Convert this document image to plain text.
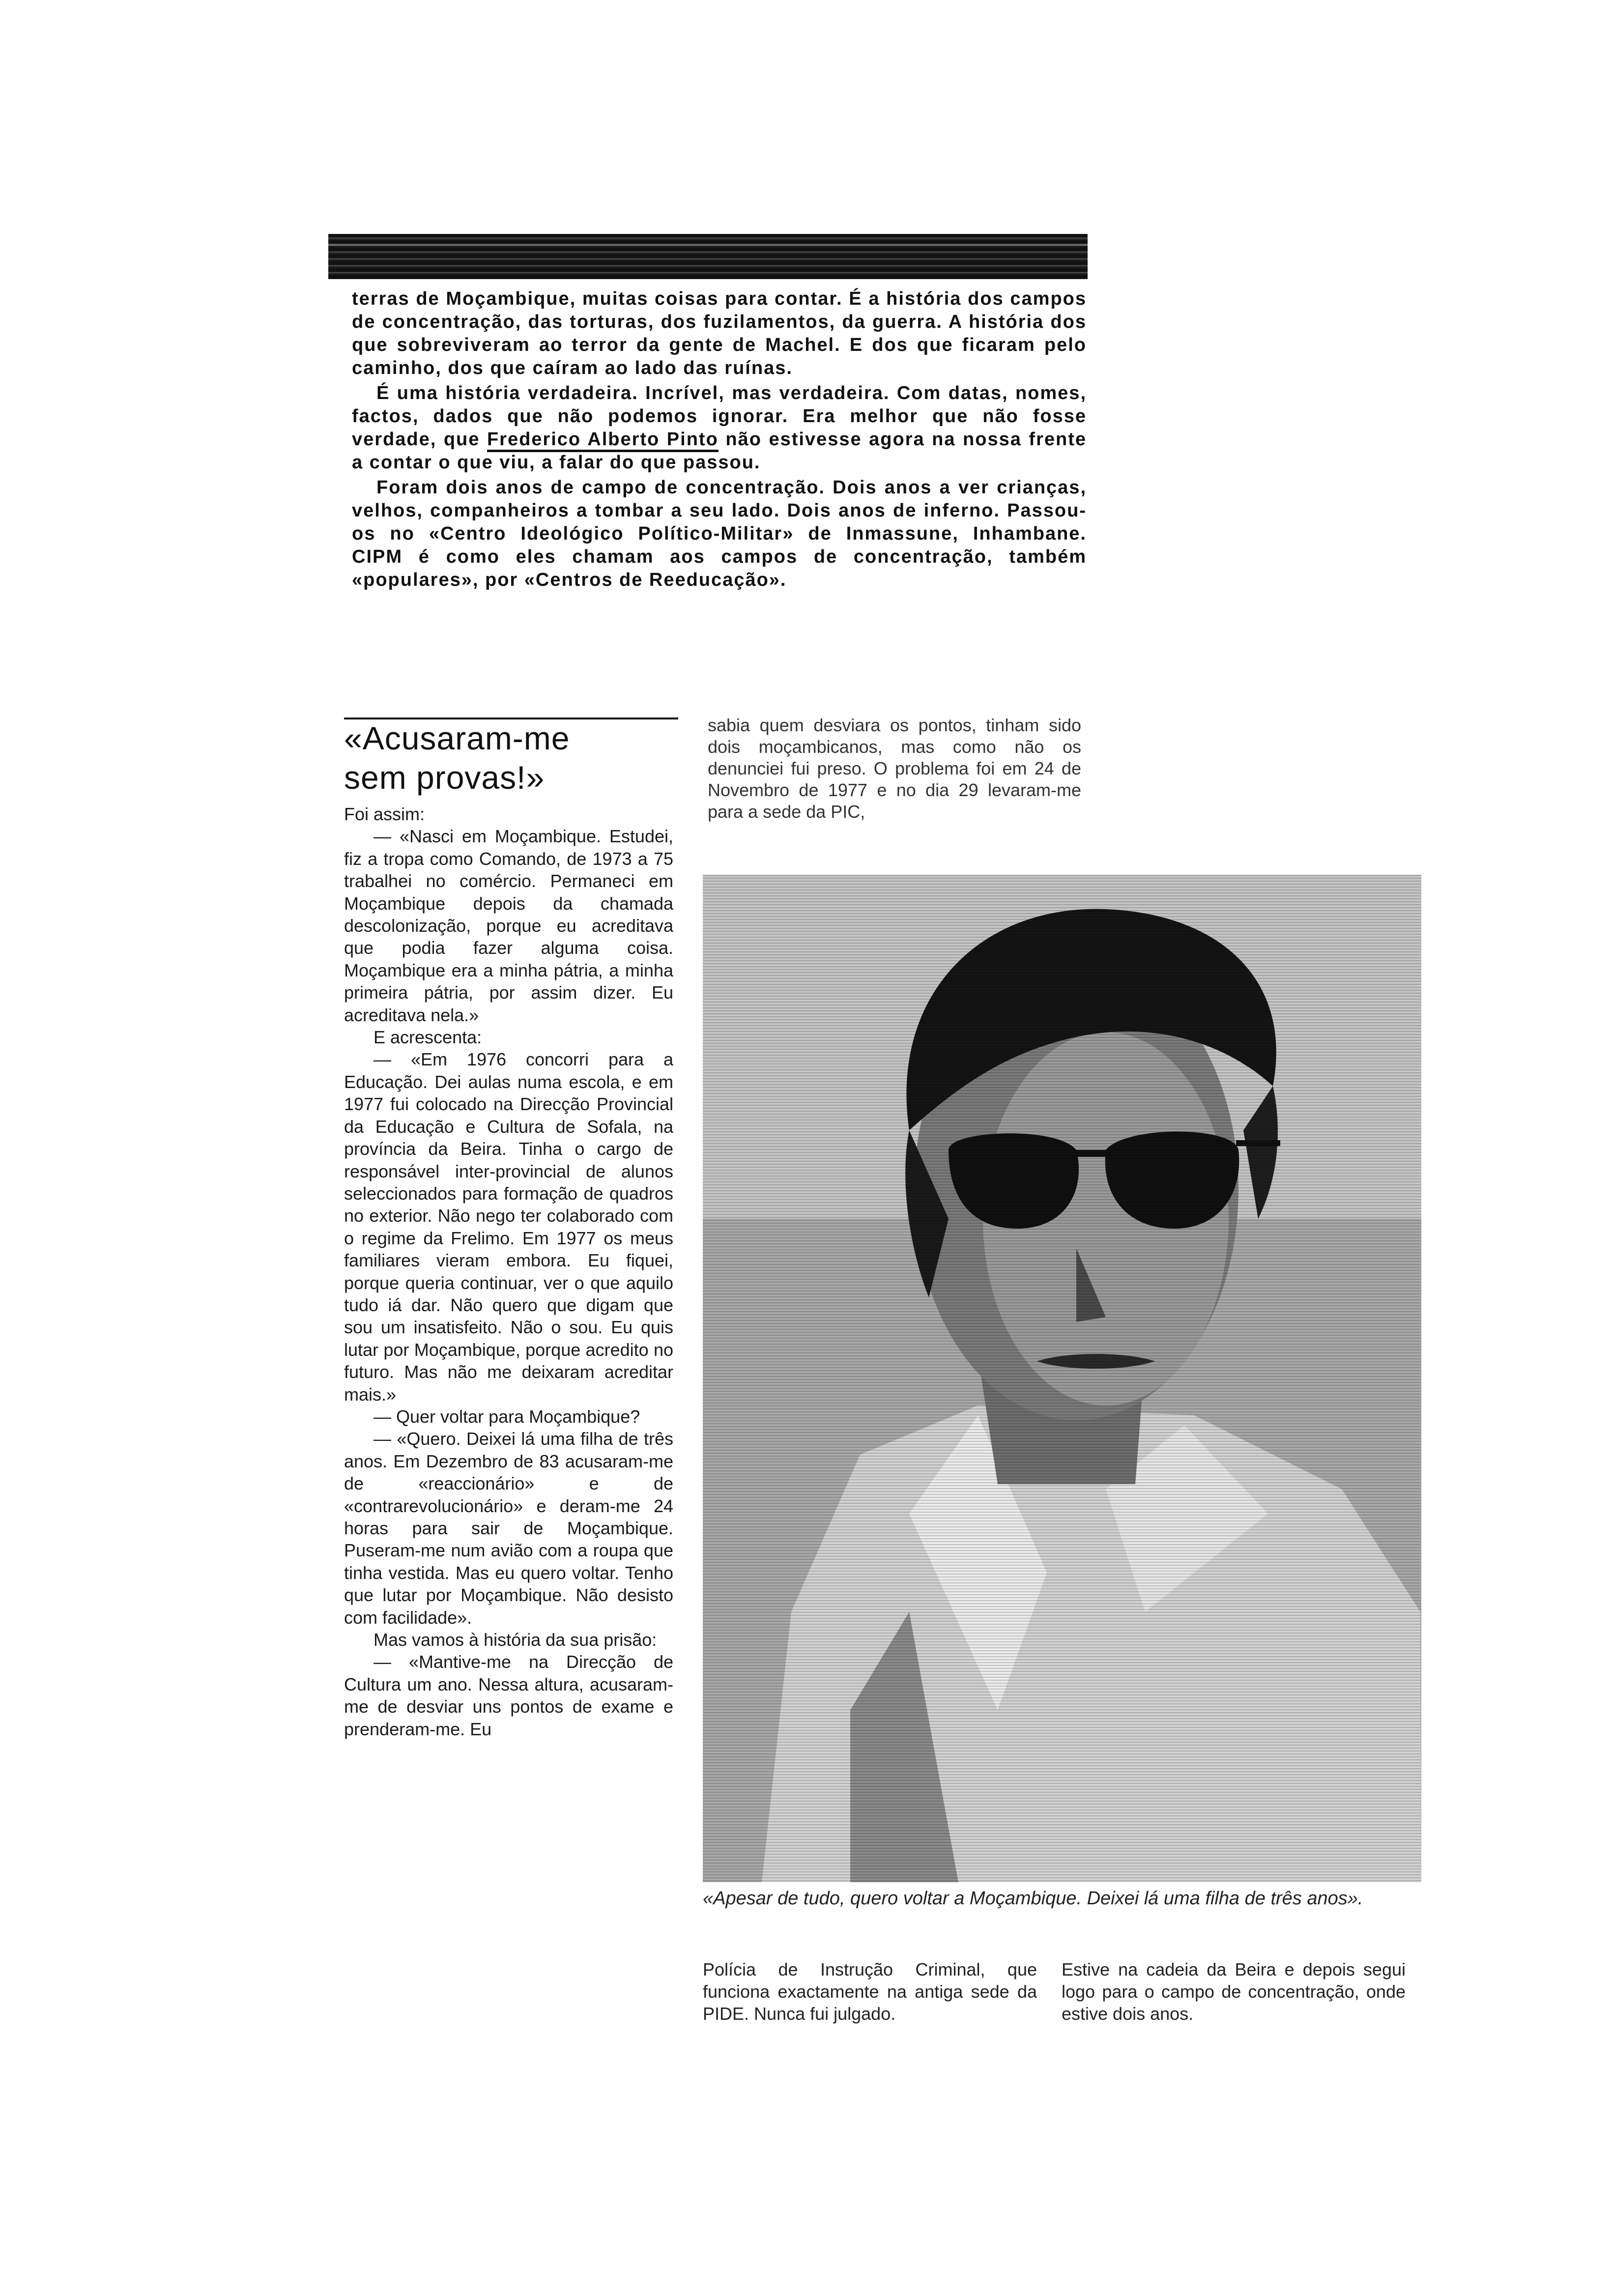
terras de Moçambique, muitas coisas para contar. É a história dos campos de concentração, das torturas, dos fuzilamentos, da guerra. A história dos que sobreviveram ao terror da gente de Machel. E dos que ficaram pelo caminho, dos que caíram ao lado das ruínas.

É uma história verdadeira. Incrível, mas verdadeira. Com datas, nomes, factos, dados que não podemos ignorar. Era melhor que não fosse verdade, que Frederico Alberto Pinto não estivesse agora na nossa frente a contar o que viu, a falar do que passou.

Foram dois anos de campo de concentração. Dois anos a ver crianças, velhos, companheiros a tombar a seu lado. Dois anos de inferno. Passou-os no «Centro Ideológico Político-Militar» de Inmassune, Inhambane. CIPM é como eles chamam aos campos de concentração, também «populares», por «Centros de Reeducação».

«Acusaram-me
sem provas!»

Foi assim:

— «Nasci em Moçambique. Estudei, fiz a tropa como Comando, de 1973 a 75 trabalhei no comércio. Permaneci em Moçambique depois da chamada descolonização, porque eu acreditava que podia fazer alguma coisa. Moçambique era a minha pátria, a minha primeira pátria, por assim dizer. Eu acreditava nela.»

E acrescenta:

— «Em 1976 concorri para a Educação. Dei aulas numa escola, e em 1977 fui colocado na Direcção Provincial da Educação e Cultura de Sofala, na província da Beira. Tinha o cargo de responsável inter-provincial de alunos seleccionados para formação de quadros no exterior. Não nego ter colaborado com o regime da Frelimo. Em 1977 os meus familiares vieram embora. Eu fiquei, porque queria continuar, ver o que aquilo tudo iá dar. Não quero que digam que sou um insatisfeito. Não o sou. Eu quis lutar por Moçambique, porque acredito no futuro. Mas não me deixaram acreditar mais.»

— Quer voltar para Moçambique?

— «Quero. Deixei lá uma filha de três anos. Em Dezembro de 83 acusaram-me de «reaccionário» e de «contrarevolucionário» e deram-me 24 horas para sair de Moçambique. Puseram-me num avião com a roupa que tinha vestida. Mas eu quero voltar. Tenho que lutar por Moçambique. Não desisto com facilidade».

Mas vamos à história da sua prisão:

— «Mantive-me na Direcção de Cultura um ano. Nessa altura, acusaram-me de desviar uns pontos de exame e prenderam-me. Eu

sabia quem desviara os pontos, tinham sido dois moçambicanos, mas como não os denunciei fui preso. O problema foi em 24 de Novembro de 1977 e no dia 29 levaram-me para a sede da PIC,
«Apesar de tudo, quero voltar a Moçambique. Deixei lá uma filha de três anos».
Polícia de Instrução Criminal, que funciona exactamente na antiga sede da PIDE. Nunca fui julgado.
Estive na cadeia da Beira e depois segui logo para o campo de concentração, onde estive dois anos.
